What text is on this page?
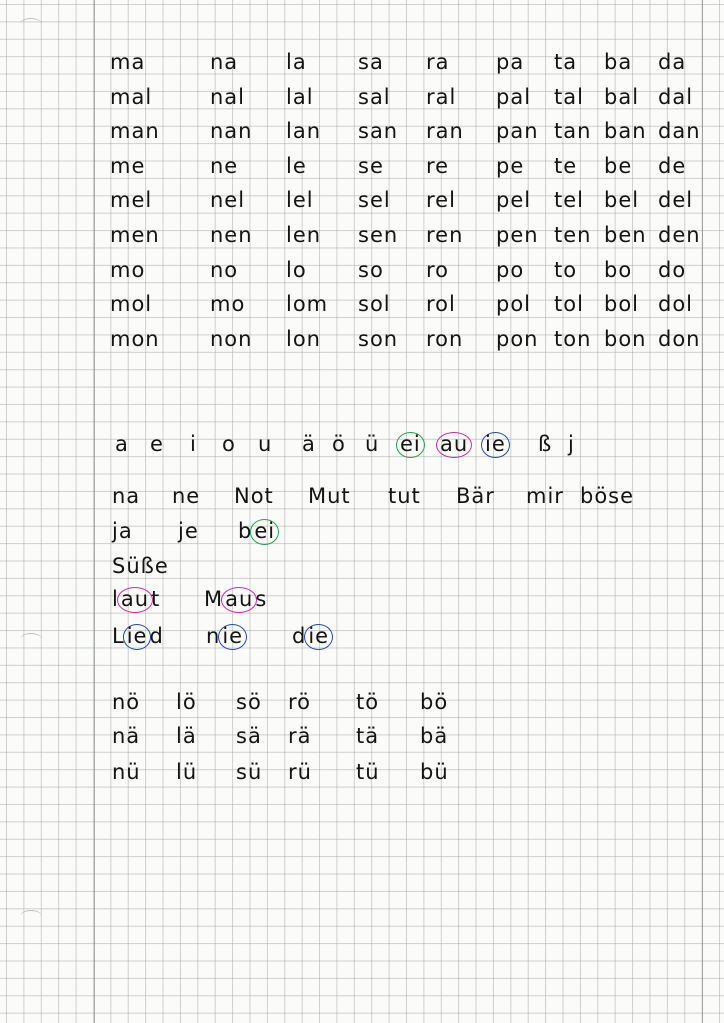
ma	na la sa ra pa ta ba da
mal	nal lal sal ral pal tal bal dal
man nan lan san ran pan tan ban dan
me	ne le se re pe te be de
mel	nel lel sel rel pel tel bel del
men nen len sen ren pen ten ben den
mo	no lo so ro po to bo do
mol	mo lom sol rol pol tol bol dol
mon non lon son ron pon ton bon don
a e i o u ä ö ü ei au ie ß j
na ne Not Mut tut Bär mir böse
ja je bei
Süße
laut Maus
Lied nie die
nö lö sö rö tö bö
nä lä sä rä tä bä
nü lü sü rü tü bü
